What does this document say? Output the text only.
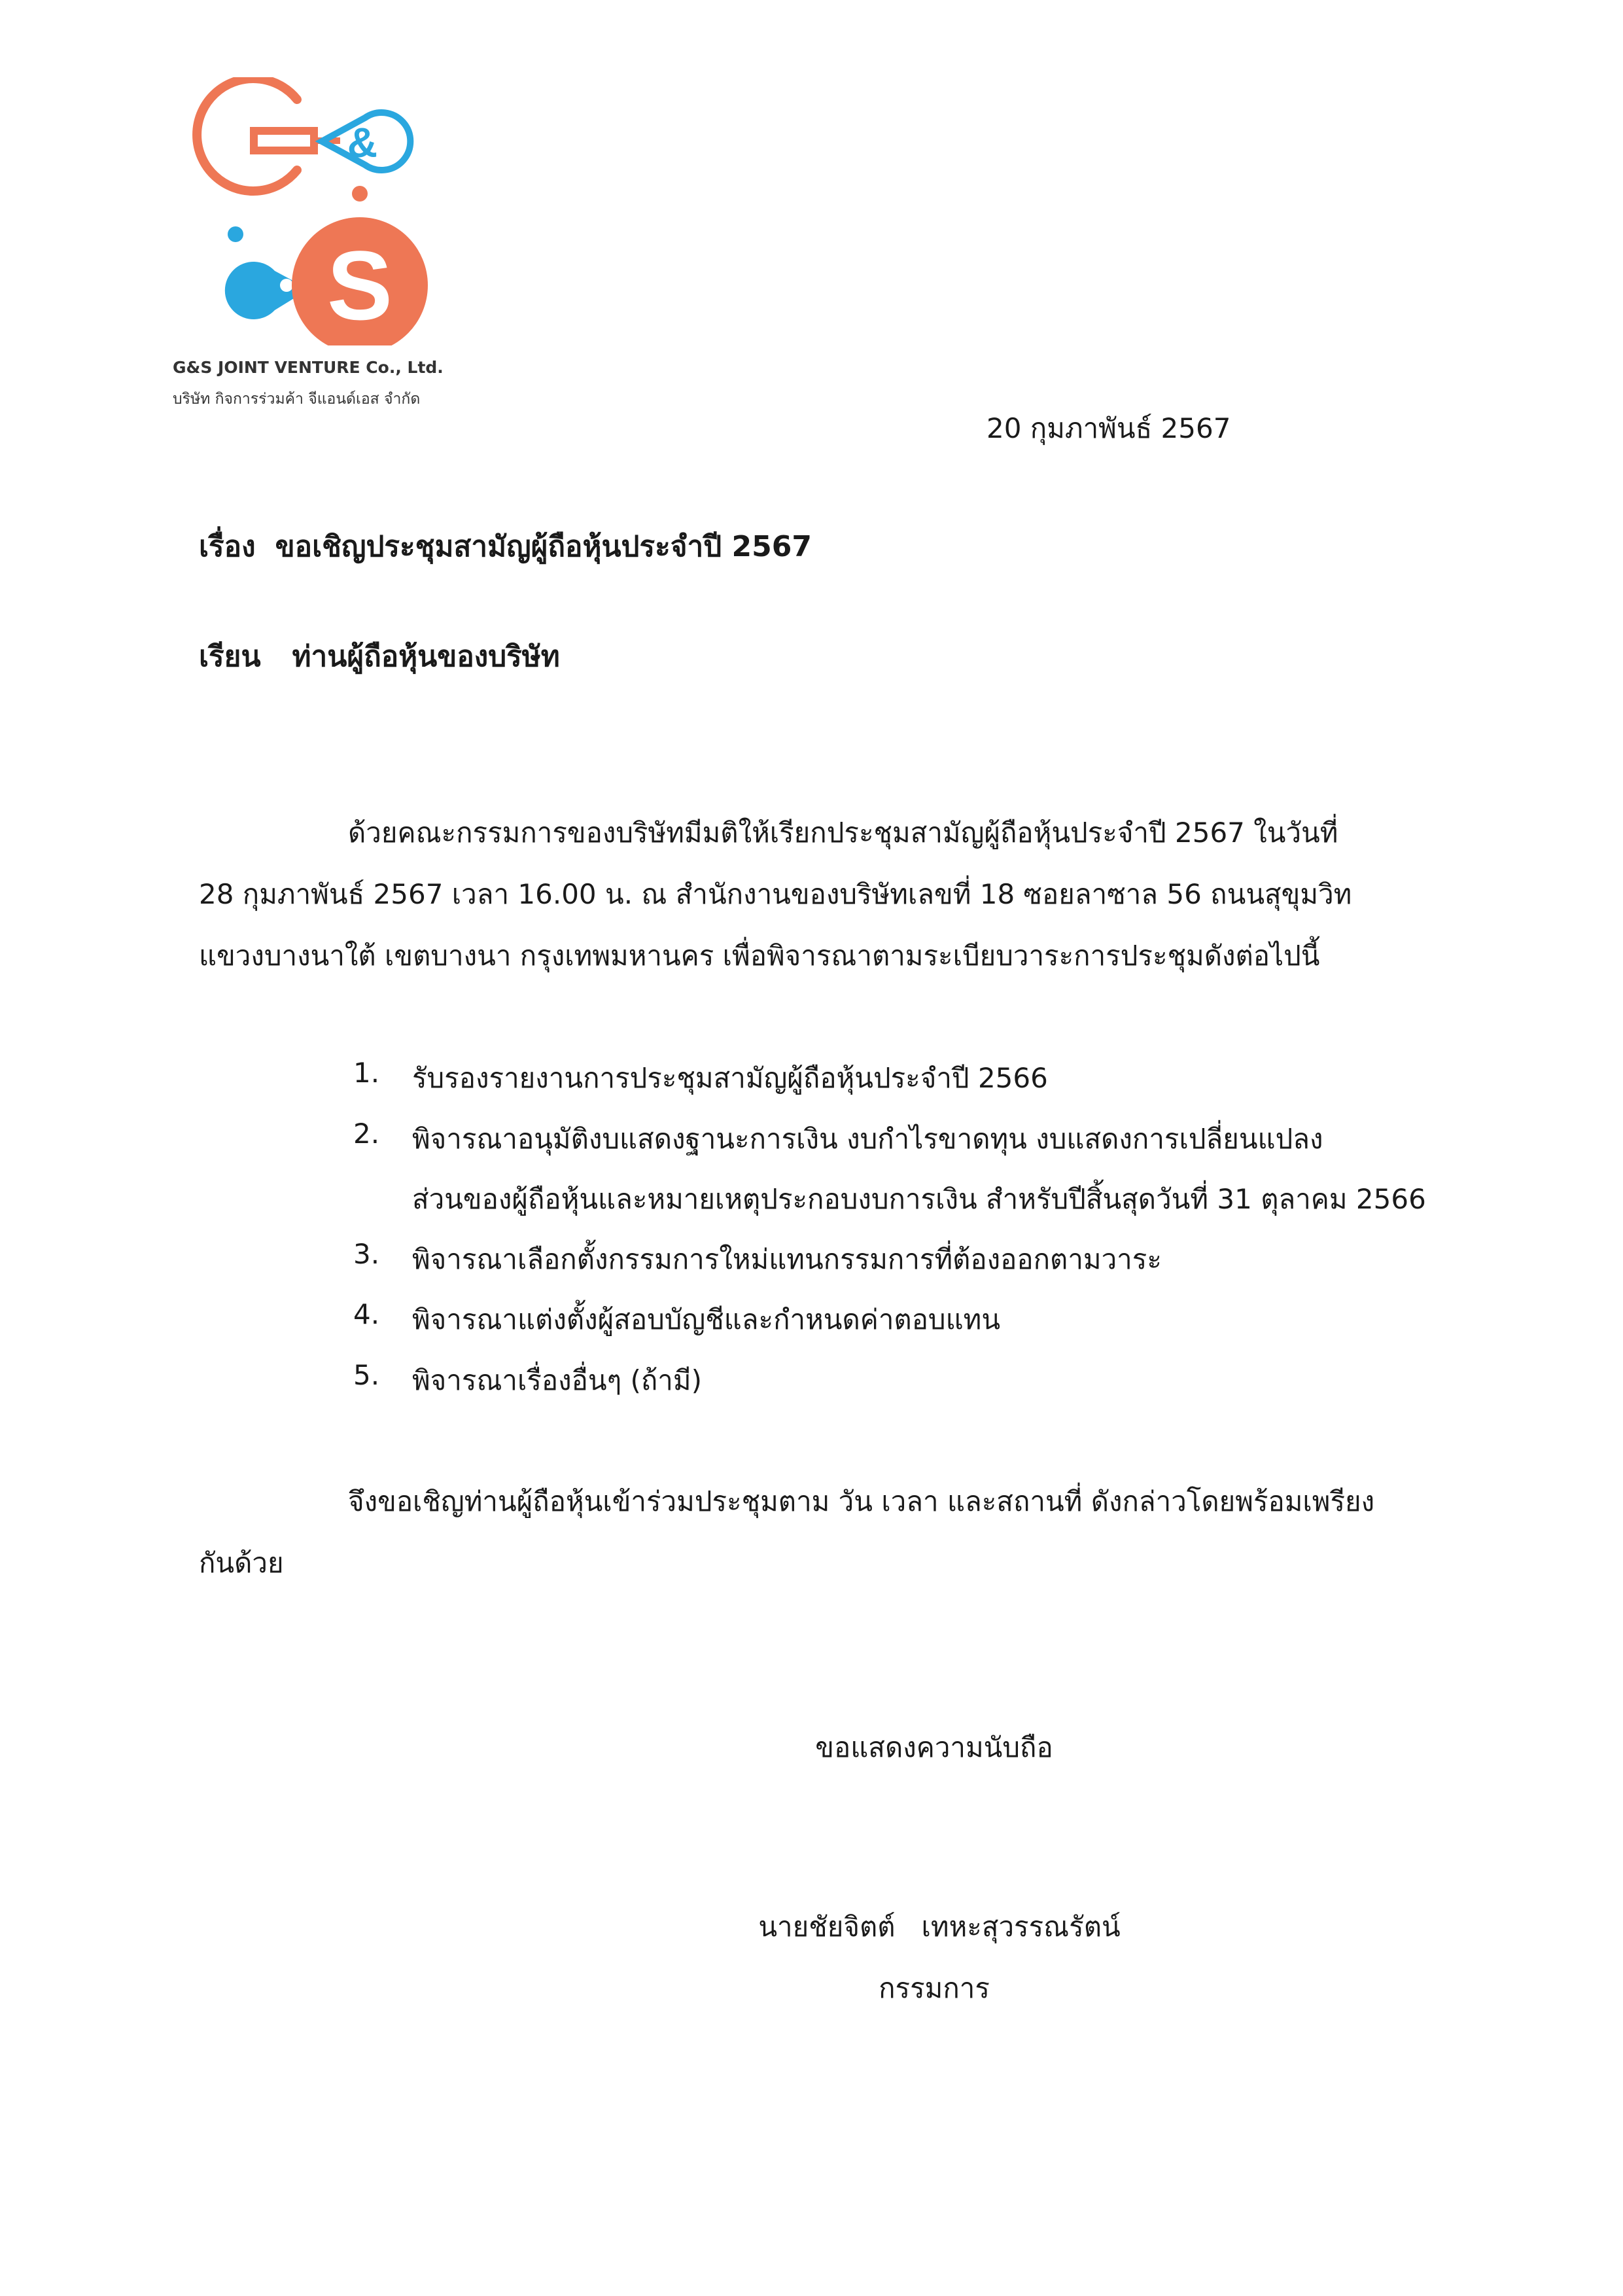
&
S
G&S JOINT VENTURE Co., Ltd.
บริษัท กิจการร่วมค้า จีแอนด์เอส จำกัด
20 กุมภาพันธ์ 2567
เรื่อง ขอเชิญประชุมสามัญผู้ถือหุ้นประจำปี 2567
เรียน ท่านผู้ถือหุ้นของบริษัท
ด้วยคณะกรรมการของบริษัทมีมติให้เรียกประชุมสามัญผู้ถือหุ้นประจำปี 2567 ในวันที่
28 กุมภาพันธ์ 2567 เวลา 16.00 น. ณ สำนักงานของบริษัทเลขที่ 18 ซอยลาซาล 56 ถนนสุขุมวิท
แขวงบางนาใต้ เขตบางนา กรุงเทพมหานคร เพื่อพิจารณาตามระเบียบวาระการประชุมดังต่อไปนี้
1. รับรองรายงานการประชุมสามัญผู้ถือหุ้นประจำปี 2566
2. พิจารณาอนุมัติงบแสดงฐานะการเงิน งบกำไรขาดทุน งบแสดงการเปลี่ยนแปลง
ส่วนของผู้ถือหุ้นและหมายเหตุประกอบงบการเงิน สำหรับปีสิ้นสุดวันที่ 31 ตุลาคม 2566
3. พิจารณาเลือกตั้งกรรมการใหม่แทนกรรมการที่ต้องออกตามวาระ
4. พิจารณาแต่งตั้งผู้สอบบัญชีและกำหนดค่าตอบแทน
5. พิจารณาเรื่องอื่นๆ (ถ้ามี)
จึงขอเชิญท่านผู้ถือหุ้นเข้าร่วมประชุมตาม วัน เวลา และสถานที่ ดังกล่าวโดยพร้อมเพรียง
กันด้วย
ขอแสดงความนับถือ
นายชัยจิตต์   เทหะสุวรรณรัตน์
กรรมการ
